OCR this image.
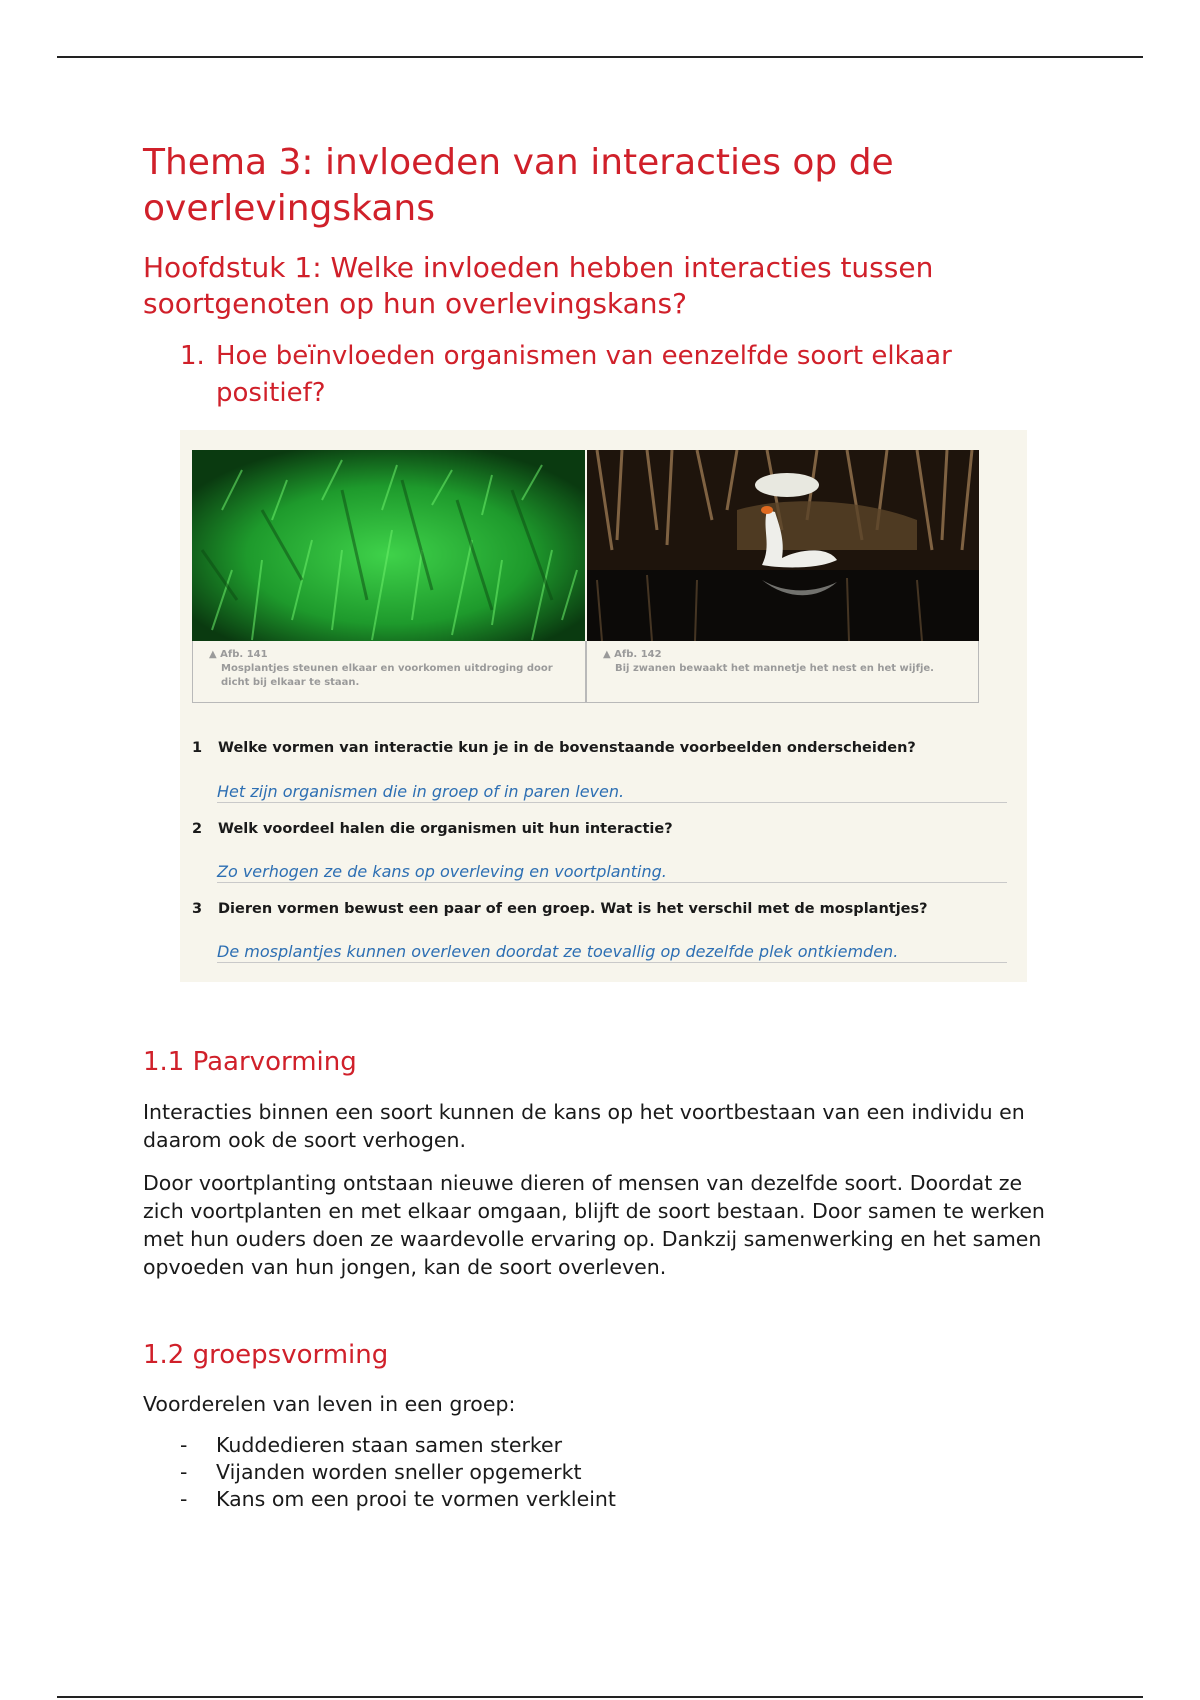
Thema 3: invloeden van interacties op de overlevingskans
Hoofdstuk 1: Welke invloeden hebben interacties tussen soortgenoten op hun overlevingskans?
1. Hoe beïnvloeden organismen van eenzelfde soort elkaar positief?
▲ Afb. 141
Mosplantjes steunen elkaar en voorkomen uitdroging door dicht bij elkaar te staan.
▲ Afb. 142
Bij zwanen bewaakt het mannetje het nest en het wijfje.
1	Welke vormen van interactie kun je in de bovenstaande voorbeelden onderscheiden?
Het zijn organismen die in groep of in paren leven.
2	Welk voordeel halen die organismen uit hun interactie?
Zo verhogen ze de kans op overleving en voortplanting.
3	Dieren vormen bewust een paar of een groep. Wat is het verschil met de mosplantjes?
De mosplantjes kunnen overleven doordat ze toevallig op dezelfde plek ontkiemden.
1.1 Paarvorming

Interacties binnen een soort kunnen de kans op het voortbestaan van een individu en daarom ook de soort verhogen.

Door voortplanting ontstaan nieuwe dieren of mensen van dezelfde soort. Doordat ze zich voortplanten en met elkaar omgaan, blijft de soort bestaan. Door samen te werken met hun ouders doen ze waardevolle ervaring op. Dankzij samenwerking en het samen opvoeden van hun jongen, kan de soort overleven.

1.2 groepsvorming

Voorderelen van leven in een groep:

-	Kuddedieren staan samen sterker
-	Vijanden worden sneller opgemerkt
-	Kans om een prooi te vormen verkleint
